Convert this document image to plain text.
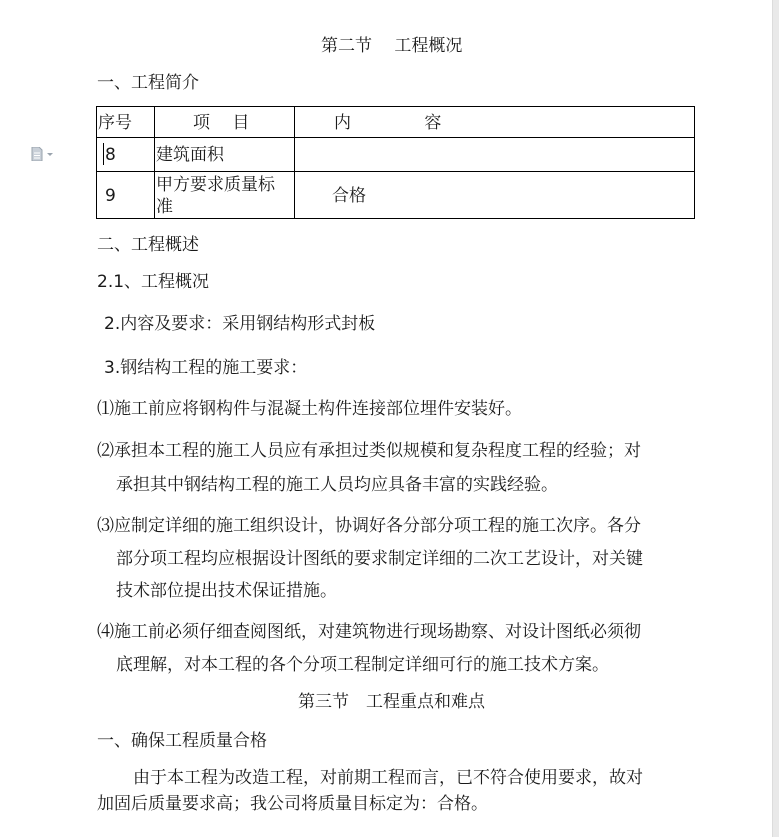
第二节　 工程概况
一、工程简介
序号	项　 目	内　　　　 容
8 建筑面积
9
甲方要求质量标
准
合格
二、工程概述
2.1、工程概况
2.内容及要求：采用钢结构形式封板
3.钢结构工程的施工要求：
⑴施工前应将钢构件与混凝土构件连接部位埋件安装好。
⑵承担本工程的施工人员应有承担过类似规模和复杂程度工程的经验；对
承担其中钢结构工程的施工人员均应具备丰富的实践经验。
⑶应制定详细的施工组织设计，协调好各分部分项工程的施工次序。各分
部分项工程均应根据设计图纸的要求制定详细的二次工艺设计，对关键
技术部位提出技术保证措施。
⑷施工前必须仔细查阅图纸，对建筑物进行现场勘察、对设计图纸必须彻
底理解，对本工程的各个分项工程制定详细可行的施工技术方案。
第三节　工程重点和难点
一、确保工程质量合格
由于本工程为改造工程，对前期工程而言，已不符合使用要求，故对
加固后质量要求高；我公司将质量目标定为：合格。
